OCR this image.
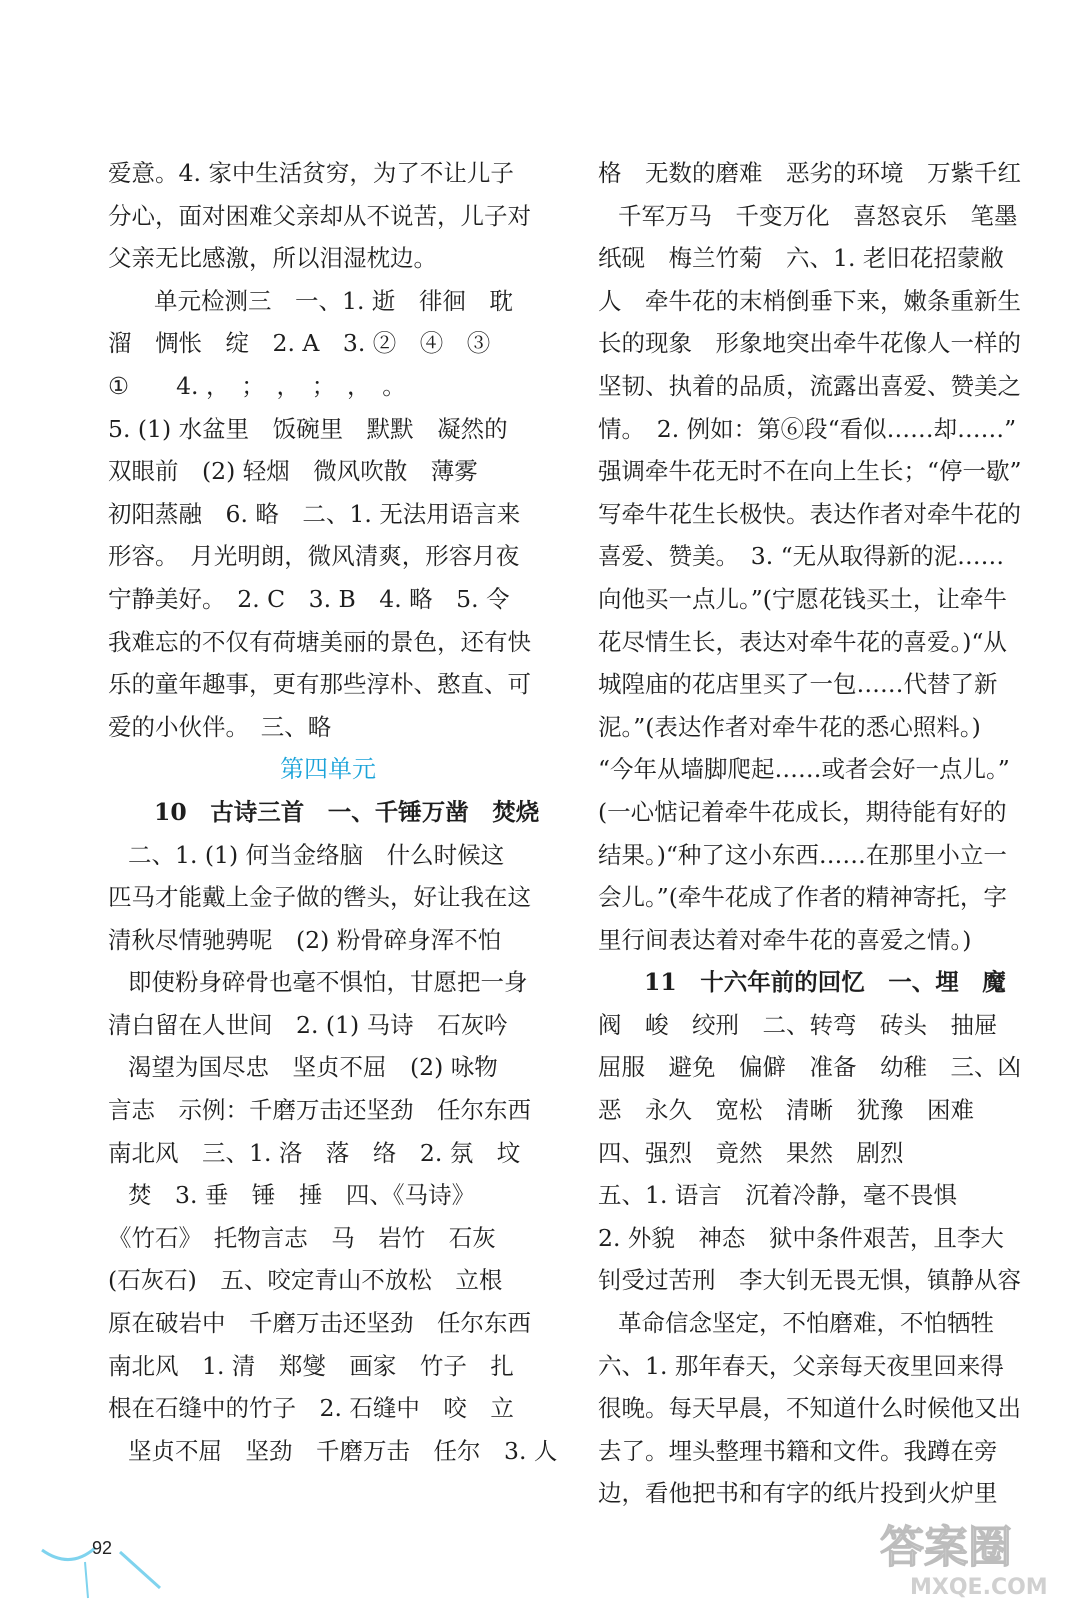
爱意。4. 家中生活贫穷，为了不让儿子
分心，面对困难父亲却从不说苦，儿子对
父亲无比感激，所以泪湿枕边。
单元检测三　一、1. 逝　徘徊　耽
溜　惆怅　绽　2. A　3. ②　④　③
①　　4. ，　；　，　；　，　。
5. (1) 水盆里　饭碗里　默默　凝然的
双眼前　(2) 轻烟　微风吹散　薄雾
初阳蒸融　6. 略　二、1. 无法用语言来
形容。　月光明朗，微风清爽，形容月夜
宁静美好。　2. C　3. B　4. 略　5. 令
我难忘的不仅有荷塘美丽的景色，还有快
乐的童年趣事，更有那些淳朴、憨直、可
爱的小伙伴。　三、略
第四单元
10　古诗三首　一、千锤万凿　焚烧
二、1. (1) 何当金络脑　什么时候这
匹马才能戴上金子做的辔头，好让我在这
清秋尽情驰骋呢　(2) 粉骨碎身浑不怕
即使粉身碎骨也毫不惧怕，甘愿把一身
清白留在人世间　2. (1) 马诗　石灰吟
渴望为国尽忠　坚贞不屈　(2) 咏物
言志　示例：千磨万击还坚劲　任尔东西
南北风　三、1. 洛　落　络　2. 氛　坟
焚　3. 垂　锤　捶　四、《马诗》
《竹石》　托物言志　马　岩竹　石灰
(石灰石)　五、咬定青山不放松　立根
原在破岩中　千磨万击还坚劲　任尔东西
南北风　1. 清　郑燮　画家　竹子　扎
根在石缝中的竹子　2. 石缝中　咬　立
坚贞不屈　坚劲　千磨万击　任尔　3. 人
格　无数的磨难　恶劣的环境　万紫千红
千军万马　千变万化　喜怒哀乐　笔墨
纸砚　梅兰竹菊　六、1. 老旧花招蒙敝
人　牵牛花的末梢倒垂下来，嫩条重新生
长的现象　形象地突出牵牛花像人一样的
坚韧、执着的品质，流露出喜爱、赞美之
情。　2. 例如：第⑥段“看似……却……”
强调牵牛花无时不在向上生长；“停一歇”
写牵牛花生长极快。表达作者对牵牛花的
喜爱、赞美。　3. “无从取得新的泥……
向他买一点儿。”(宁愿花钱买土，让牵牛
花尽情生长，表达对牵牛花的喜爱。)“从
城隍庙的花店里买了一包……代替了新
泥。”(表达作者对牵牛花的悉心照料。)
“今年从墙脚爬起……或者会好一点儿。”
(一心惦记着牵牛花成长，期待能有好的
结果。)“种了这小东西……在那里小立一
会儿。”(牵牛花成了作者的精神寄托，字
里行间表达着对牵牛花的喜爱之情。)
11　十六年前的回忆　一、埋　魔
阀　峻　绞刑　二、转弯　砖头　抽屉
屈服　避免　偏僻　准备　幼稚　三、凶
恶　永久　宽松　清晰　犹豫　困难
四、强烈　竟然　果然　剧烈
五、1. 语言　沉着冷静，毫不畏惧
2. 外貌　神态　狱中条件艰苦，且李大
钊受过苦刑　李大钊无畏无惧，镇静从容
革命信念坚定，不怕磨难，不怕牺牲
六、1. 那年春天，父亲每天夜里回来得
很晚。每天早晨，不知道什么时候他又出
去了。埋头整理书籍和文件。我蹲在旁
边，看他把书和有字的纸片投到火炉里
92	答案圈
MXQE.COM
